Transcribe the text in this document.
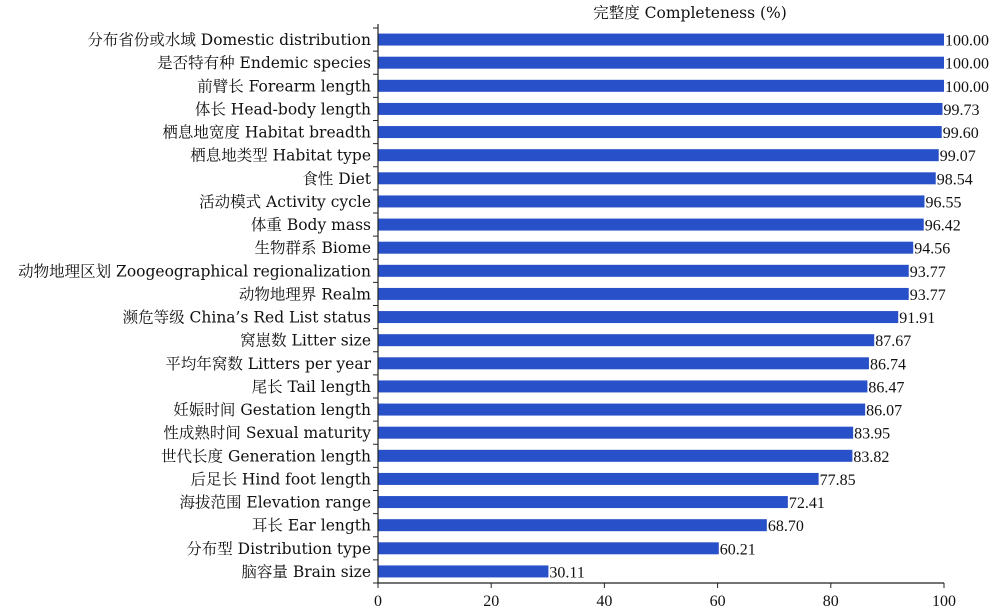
完整度 Completeness (%)
分布省份或水域 Domestic distribution
是否特有种 Endemic species
前臂长 Forearm length
体长 Head-body length
栖息地宽度 Habitat breadth
栖息地类型 Habitat type
食性 Diet
活动模式 Activity cycle
体重 Body mass
生物群系 Biome
动物地理区划 Zoogeographical regionalization
动物地理界 Realm
濒危等级 China’s Red List status
窝崽数 Litter size
平均年窝数 Litters per year
尾长 Tail length
妊娠时间 Gestation length
性成熟时间 Sexual maturity
世代长度 Generation length
后足长 Hind foot length
海拔范围 Elevation range
耳长 Ear length
分布型 Distribution type
脑容量 Brain size
100.00
100.00
100.00
99.73
99.60
99.07
98.54
96.55
96.42
94.56
93.77
93.77
91.91
87.67
86.74
86.47
86.07
83.95
83.82
77.85
72.41
68.70
60.21
30.11
0	20	40	60	80	100
